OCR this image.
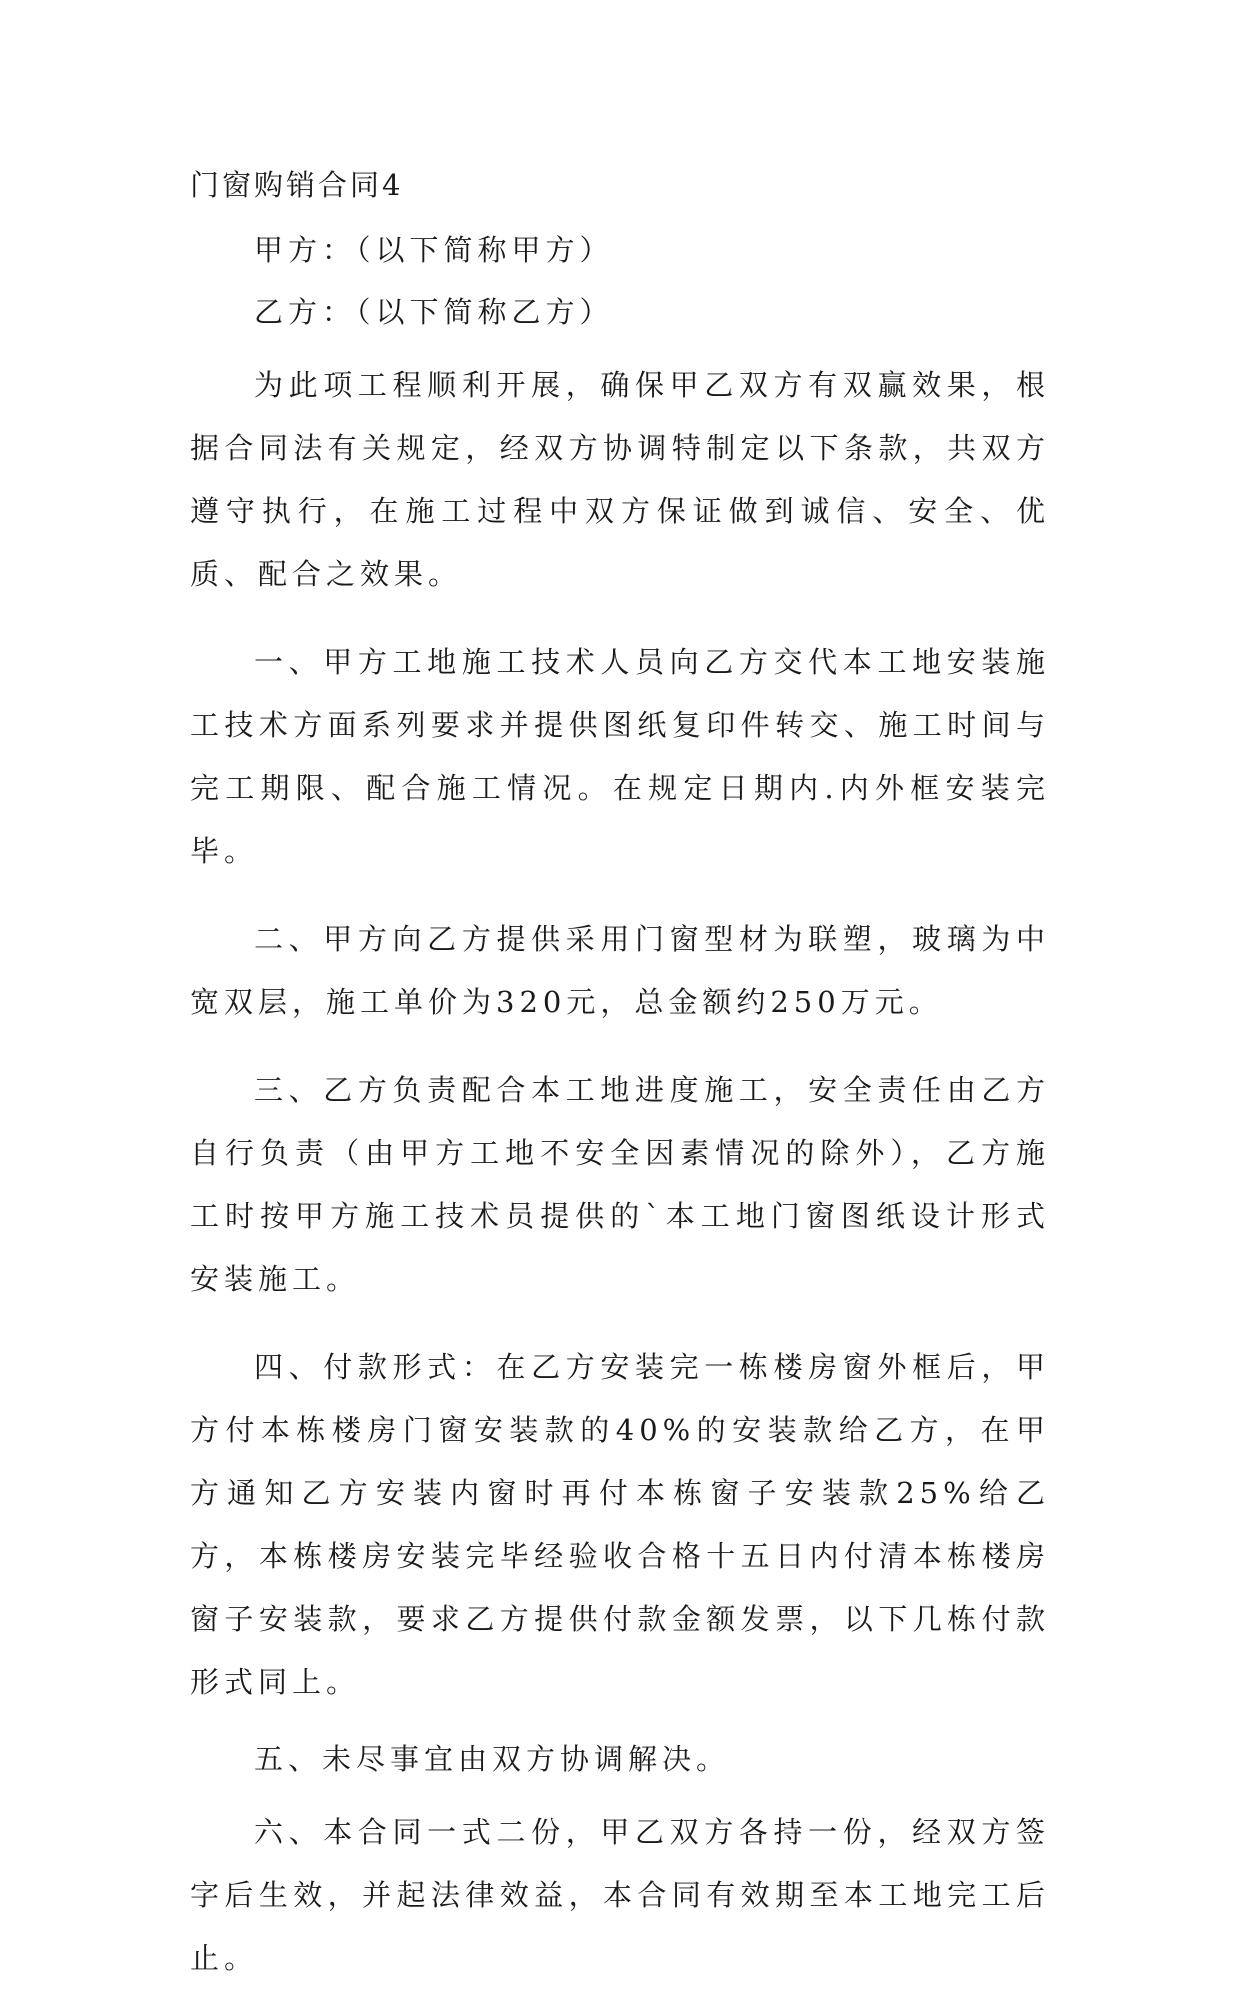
门窗购销合同4

甲方：（以下简称甲方）

乙方：（以下简称乙方）

为此项工程顺利开展，确保甲乙双方有双赢效果，根据合同法有关规定，经双方协调特制定以下条款，共双方遵守执行，在施工过程中双方保证做到诚信、安全、优质、配合之效果。

一、甲方工地施工技术人员向乙方交代本工地安装施工技术方面系列要求并提供图纸复印件转交、施工时间与完工期限、配合施工情况。在规定日期内.内外框安装完毕。

二、甲方向乙方提供采用门窗型材为联塑，玻璃为中宽双层，施工单价为320元，总金额约250万元。

三、乙方负责配合本工地进度施工，安全责任由乙方自行负责（由甲方工地不安全因素情况的除外），乙方施工时按甲方施工技术员提供的`本工地门窗图纸设计形式安装施工。

四、付款形式：在乙方安装完一栋楼房窗外框后，甲方付本栋楼房门窗安装款的40%的安装款给乙方，在甲方通知乙方安装内窗时再付本栋窗子安装款25%给乙方，本栋楼房安装完毕经验收合格十五日内付清本栋楼房窗子安装款，要求乙方提供付款金额发票，以下几栋付款形式同上。

五、未尽事宜由双方协调解决。

六、本合同一式二份，甲乙双方各持一份，经双方签字后生效，并起法律效益，本合同有效期至本工地完工后止。
